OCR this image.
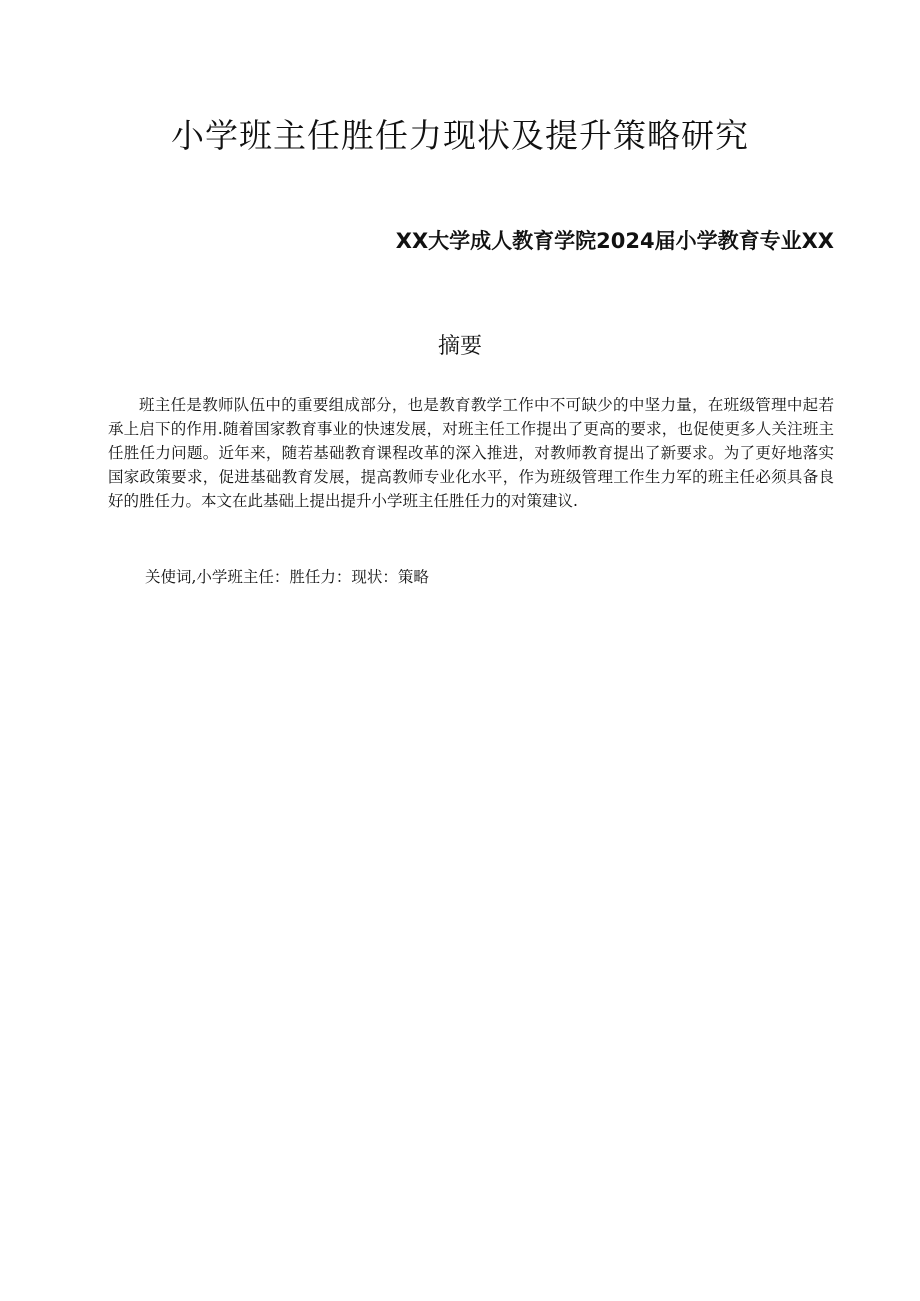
小学班主任胜任力现状及提升策略研究
XX大学成人教育学院2024届小学教育专业XX
摘要

班主任是教师队伍中的重要组成部分，也是教育教学工作中不可缺少的中坚力量，在班级管理中起若承上启下的作用.随着国家教育事业的快速发展，对班主任工作提出了更高的要求，也促使更多人关注班主任胜任力问题。近年来，随若基础教育课程改革的深入推进，对教师教育提出了新要求。为了更好地落实国家政策要求，促进基础教育发展，提高教师专业化水平，作为班级管理工作生力军的班主任必须具备良好的胜任力。本文在此基础上提出提升小学班主任胜任力的对策建议.

关使词,小学班主任：胜任力：现状：策略
